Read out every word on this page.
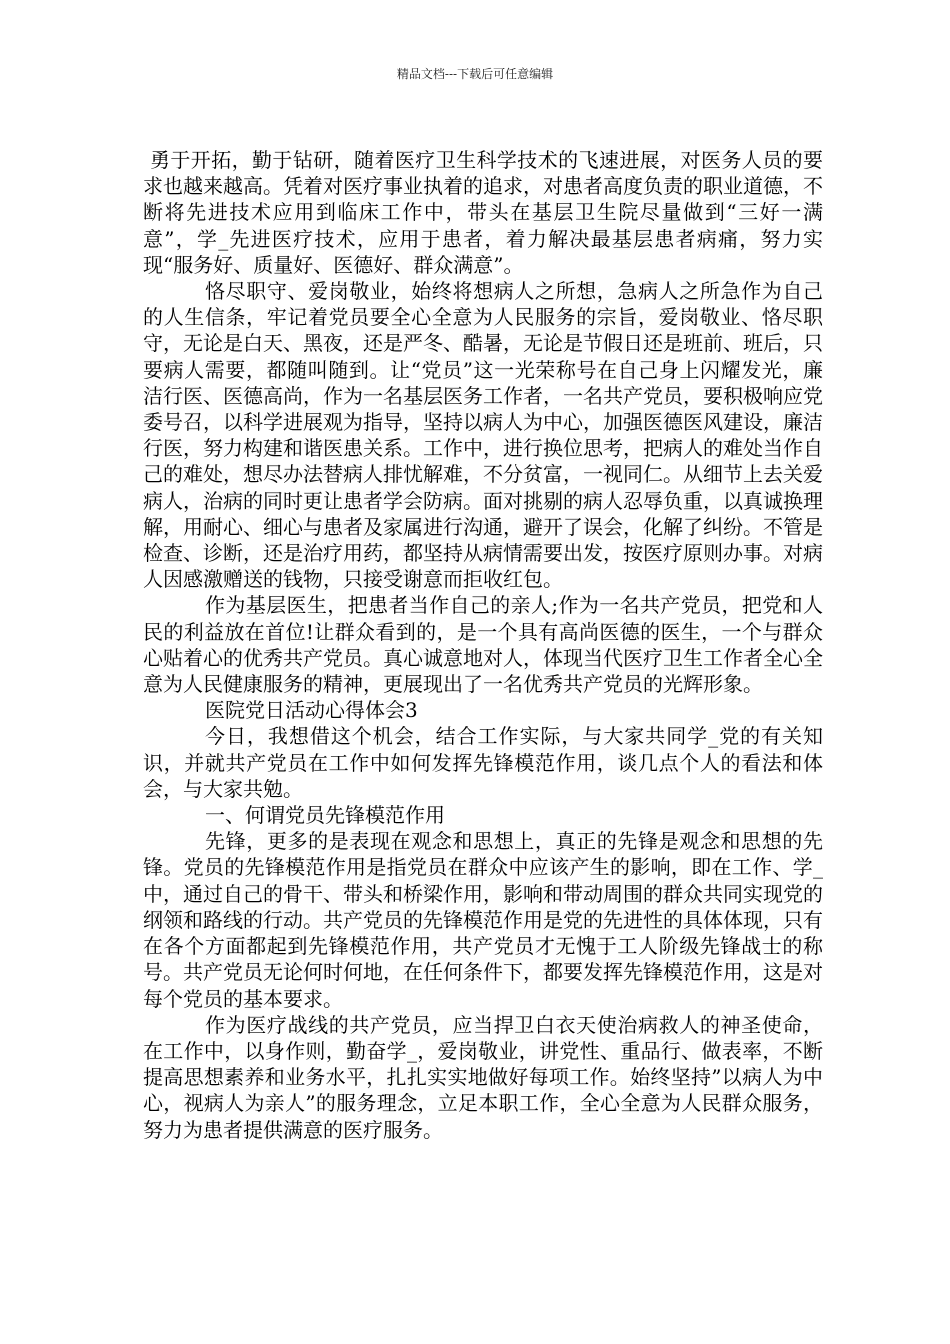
精品文档---下载后可任意编辑

勇于开拓，勤于钻研，随着医疗卫生科学技术的飞速进展，对医务人员的要求也越来越高。凭着对医疗事业执着的追求，对患者高度负责的职业道德，不断将先进技术应用到临床工作中，带头在基层卫生院尽量做到“三好一满意”，学_先进医疗技术，应用于患者，着力解决最基层患者病痛，努力实现“服务好、质量好、医德好、群众满意”。

恪尽职守、爱岗敬业，始终将想病人之所想，急病人之所急作为自己的人生信条，牢记着党员要全心全意为人民服务的宗旨，爱岗敬业、恪尽职守，无论是白天、黑夜，还是严冬、酷暑，无论是节假日还是班前、班后，只要病人需要，都随叫随到。让“党员”这一光荣称号在自己身上闪耀发光，廉洁行医、医德高尚，作为一名基层医务工作者，一名共产党员，要积极响应党委号召，以科学进展观为指导，坚持以病人为中心，加强医德医风建设，廉洁行医，努力构建和谐医患关系。工作中，进行换位思考，把病人的难处当作自己的难处，想尽办法替病人排忧解难，不分贫富，一视同仁。从细节上去关爱病人，治病的同时更让患者学会防病。面对挑剔的病人忍辱负重，以真诚换理解，用耐心、细心与患者及家属进行沟通，避开了误会，化解了纠纷。不管是检查、诊断，还是治疗用药，都坚持从病情需要出发，按医疗原则办事。对病人因感激赠送的钱物，只接受谢意而拒收红包。

作为基层医生，把患者当作自己的亲人;作为一名共产党员，把党和人民的利益放在首位!让群众看到的，是一个具有高尚医德的医生，一个与群众心贴着心的优秀共产党员。真心诚意地对人，体现当代医疗卫生工作者全心全意为人民健康服务的精神，更展现出了一名优秀共产党员的光辉形象。

医院党日活动心得体会3

今日，我想借这个机会，结合工作实际，与大家共同学_党的有关知识，并就共产党员在工作中如何发挥先锋模范作用，谈几点个人的看法和体会，与大家共勉。

一、何谓党员先锋模范作用

先锋，更多的是表现在观念和思想上，真正的先锋是观念和思想的先锋。党员的先锋模范作用是指党员在群众中应该产生的影响，即在工作、学_中，通过自己的骨干、带头和桥梁作用，影响和带动周围的群众共同实现党的纲领和路线的行动。共产党员的先锋模范作用是党的先进性的具体体现，只有在各个方面都起到先锋模范作用，共产党员才无愧于工人阶级先锋战士的称号。共产党员无论何时何地，在任何条件下，都要发挥先锋模范作用，这是对每个党员的基本要求。

作为医疗战线的共产党员，应当捍卫白衣天使治病救人的神圣使命，在工作中，以身作则，勤奋学_，爱岗敬业，讲党性、重品行、做表率，不断提高思想素养和业务水平，扎扎实实地做好每项工作。始终坚持”以病人为中心，视病人为亲人”的服务理念，立足本职工作，全心全意为人民群众服务，努力为患者提供满意的医疗服务。
